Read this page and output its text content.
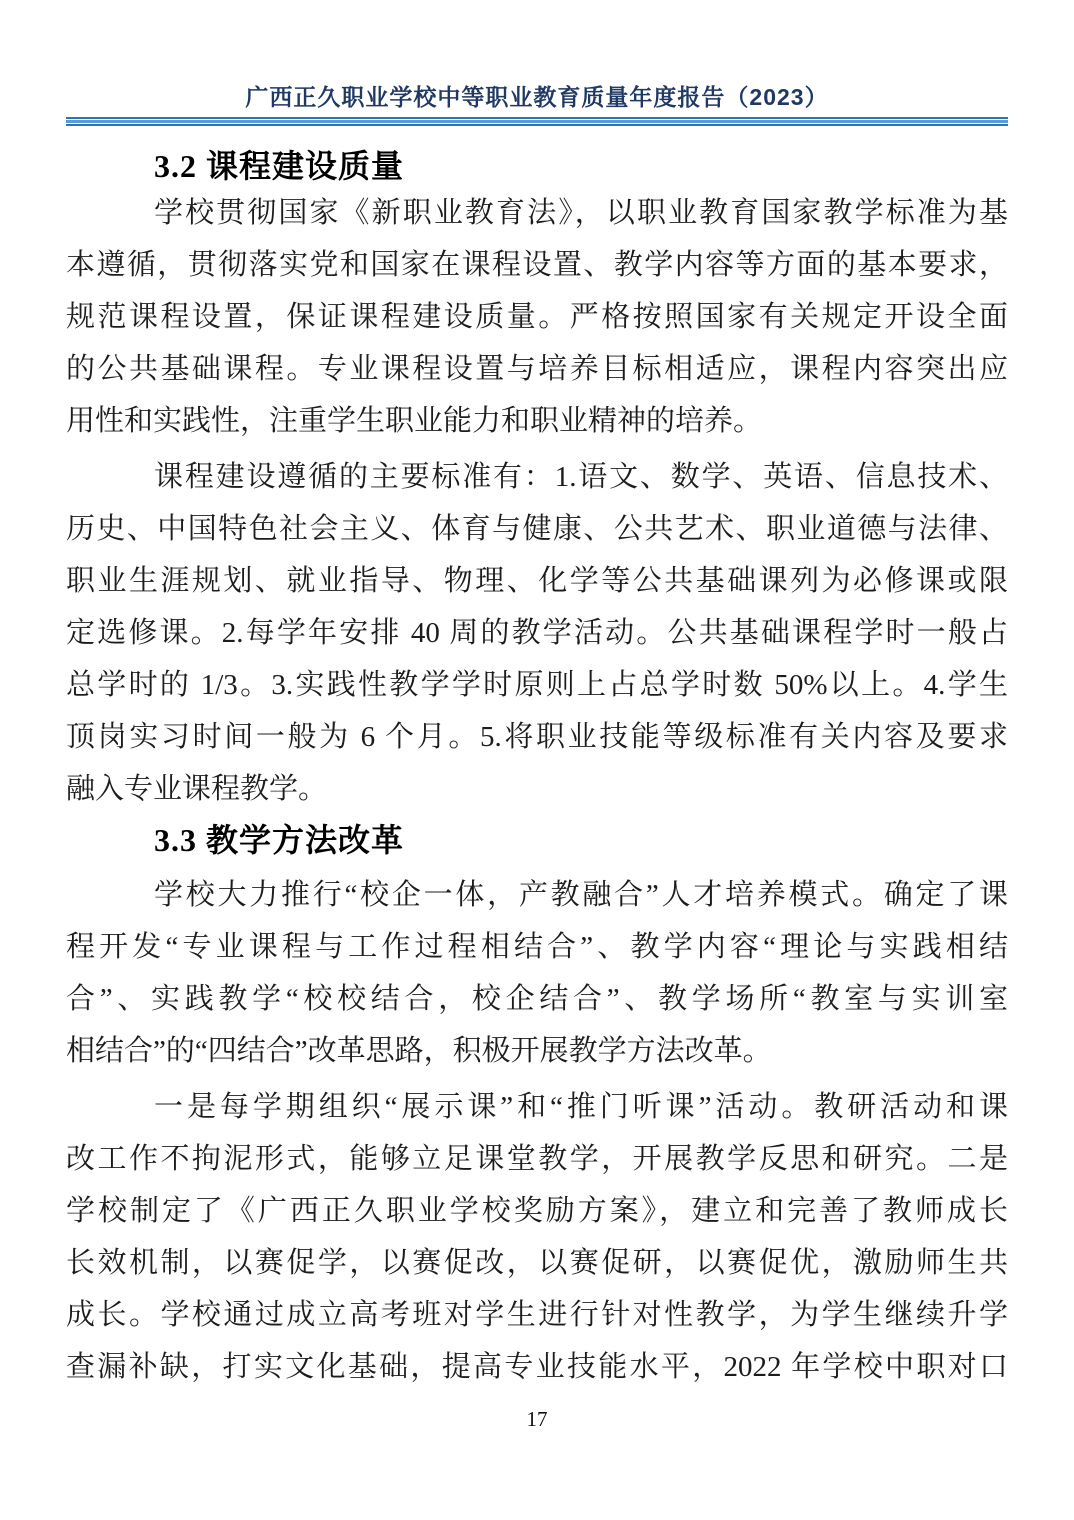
广西正久职业学校中等职业教育质量年度报告（2023）
3.2 课程建设质量
学校贯彻国家《新职业教育法》，以职业教育国家教学标准为基
本遵循，贯彻落实党和国家在课程设置、教学内容等方面的基本要求，
规范课程设置，保证课程建设质量。严格按照国家有关规定开设全面
的公共基础课程。专业课程设置与培养目标相适应，课程内容突出应
用性和实践性，注重学生职业能力和职业精神的培养。
课程建设遵循的主要标准有：1.语文、数学、英语、信息技术、
历史、中国特色社会主义、体育与健康、公共艺术、职业道德与法律、
职业生涯规划、就业指导、物理、化学等公共基础课列为必修课或限
定选修课。2.每学年安排 40 周的教学活动。公共基础课程学时一般占
总学时的 1/3。3.实践性教学学时原则上占总学时数 50%以上。4.学生
顶岗实习时间一般为 6 个月。5.将职业技能等级标准有关内容及要求
融入专业课程教学。
3.3 教学方法改革
学校大力推行“校企一体，产教融合”人才培养模式。确定了课
程开发“专业课程与工作过程相结合”、教学内容“理论与实践相结
合”、实践教学“校校结合，校企结合”、教学场所“教室与实训室
相结合”的“四结合”改革思路，积极开展教学方法改革。
一是每学期组织“展示课”和“推门听课”活动。教研活动和课
改工作不拘泥形式，能够立足课堂教学，开展教学反思和研究。二是
学校制定了《广西正久职业学校奖励方案》，建立和完善了教师成长
长效机制，以赛促学，以赛促改，以赛促研，以赛促优，激励师生共
成长。学校通过成立高考班对学生进行针对性教学，为学生继续升学
查漏补缺，打实文化基础，提高专业技能水平，2022 年学校中职对口
17
